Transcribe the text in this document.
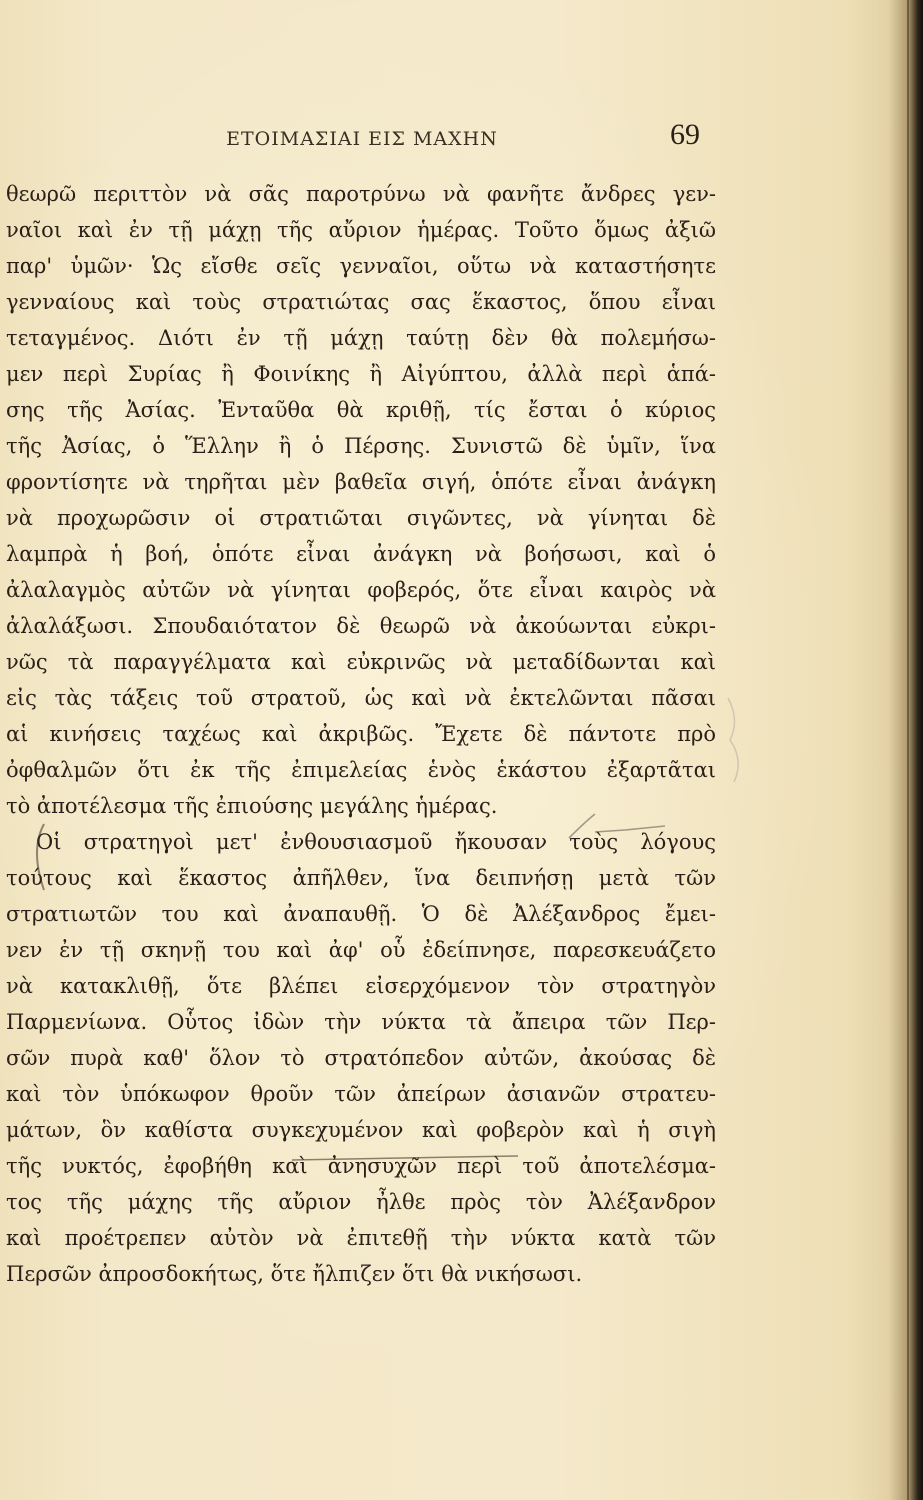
ΕΤΟΙΜΑΣΙΑΙ ΕΙΣ ΜΑΧΗΝ	69
θεωρῶ περιττὸν νὰ σᾶς παροτρύνω νὰ φανῆτε ἄνδρες γεν-
ναῖοι καὶ ἐν τῇ μάχῃ τῆς αὔριον ἡμέρας. Τοῦτο ὅμως ἀξιῶ
παρ' ὑμῶν· Ὡς εἴσθε σεῖς γενναῖοι, οὕτω νὰ καταστήσητε
γενναίους καὶ τοὺς στρατιώτας σας ἕκαστος, ὅπου εἶναι
τεταγμένος. Διότι ἐν τῇ μάχῃ ταύτῃ δὲν θὰ πολεμήσω-
μεν περὶ Συρίας ἢ Φοινίκης ἢ Αἰγύπτου, ἀλλὰ περὶ ἁπά-
σης τῆς Ἀσίας. Ἐνταῦθα θὰ κριθῇ, τίς ἔσται ὁ κύριος
τῆς Ἀσίας, ὁ Ἕλλην ἢ ὁ Πέρσης. Συνιστῶ δὲ ὑμῖν, ἵνα
φροντίσητε νὰ τηρῆται μὲν βαθεῖα σιγή, ὁπότε εἶναι ἀνάγκη
νὰ προχωρῶσιν οἱ στρατιῶται σιγῶντες, νὰ γίνηται δὲ
λαμπρὰ ἡ βοή, ὁπότε εἶναι ἀνάγκη νὰ βοήσωσι, καὶ ὁ
ἀλαλαγμὸς αὐτῶν νὰ γίνηται φοβερός, ὅτε εἶναι καιρὸς νὰ
ἀλαλάξωσι. Σπουδαιότατον δὲ θεωρῶ νὰ ἀκούωνται εὐκρι-
νῶς τὰ παραγγέλματα καὶ εὐκρινῶς νὰ μεταδίδωνται καὶ
εἰς τὰς τάξεις τοῦ στρατοῦ, ὡς καὶ νὰ ἐκτελῶνται πᾶσαι
αἱ κινήσεις ταχέως καὶ ἀκριβῶς. Ἔχετε δὲ πάντοτε πρὸ
ὀφθαλμῶν ὅτι ἐκ τῆς ἐπιμελείας ἑνὸς ἑκάστου ἐξαρτᾶται
τὸ ἀποτέλεσμα τῆς ἐπιούσης μεγάλης ἡμέρας.
Οἱ στρατηγοὶ μετ' ἐνθουσιασμοῦ ἤκουσαν τοὺς λόγους
τούτους καὶ ἕκαστος ἀπῆλθεν, ἵνα δειπνήσῃ μετὰ τῶν
στρατιωτῶν του καὶ ἀναπαυθῇ. Ὁ δὲ Ἀλέξανδρος ἔμει-
νεν ἐν τῇ σκηνῇ του καὶ ἀφ' οὗ ἐδείπνησε, παρεσκευάζετο
νὰ κατακλιθῇ, ὅτε βλέπει εἰσερχόμενον τὸν στρατηγὸν
Παρμενίωνα. Οὗτος ἰδὼν τὴν νύκτα τὰ ἄπειρα τῶν Περ-
σῶν πυρὰ καθ' ὅλον τὸ στρατόπεδον αὐτῶν, ἀκούσας δὲ
καὶ τὸν ὑπόκωφον θροῦν τῶν ἀπείρων ἀσιανῶν στρατευ-
μάτων, ὃν καθίστα συγκεχυμένον καὶ φοβερὸν καὶ ἡ σιγὴ
τῆς νυκτός, ἐφοβήθη καὶ ἀνησυχῶν περὶ τοῦ ἀποτελέσμα-
τος τῆς μάχης τῆς αὔριον ἦλθε πρὸς τὸν Ἀλέξανδρον
καὶ προέτρεπεν αὐτὸν νὰ ἐπιτεθῇ τὴν νύκτα κατὰ τῶν
Περσῶν ἀπροσδοκήτως, ὅτε ἤλπιζεν ὅτι θὰ νικήσωσι.
